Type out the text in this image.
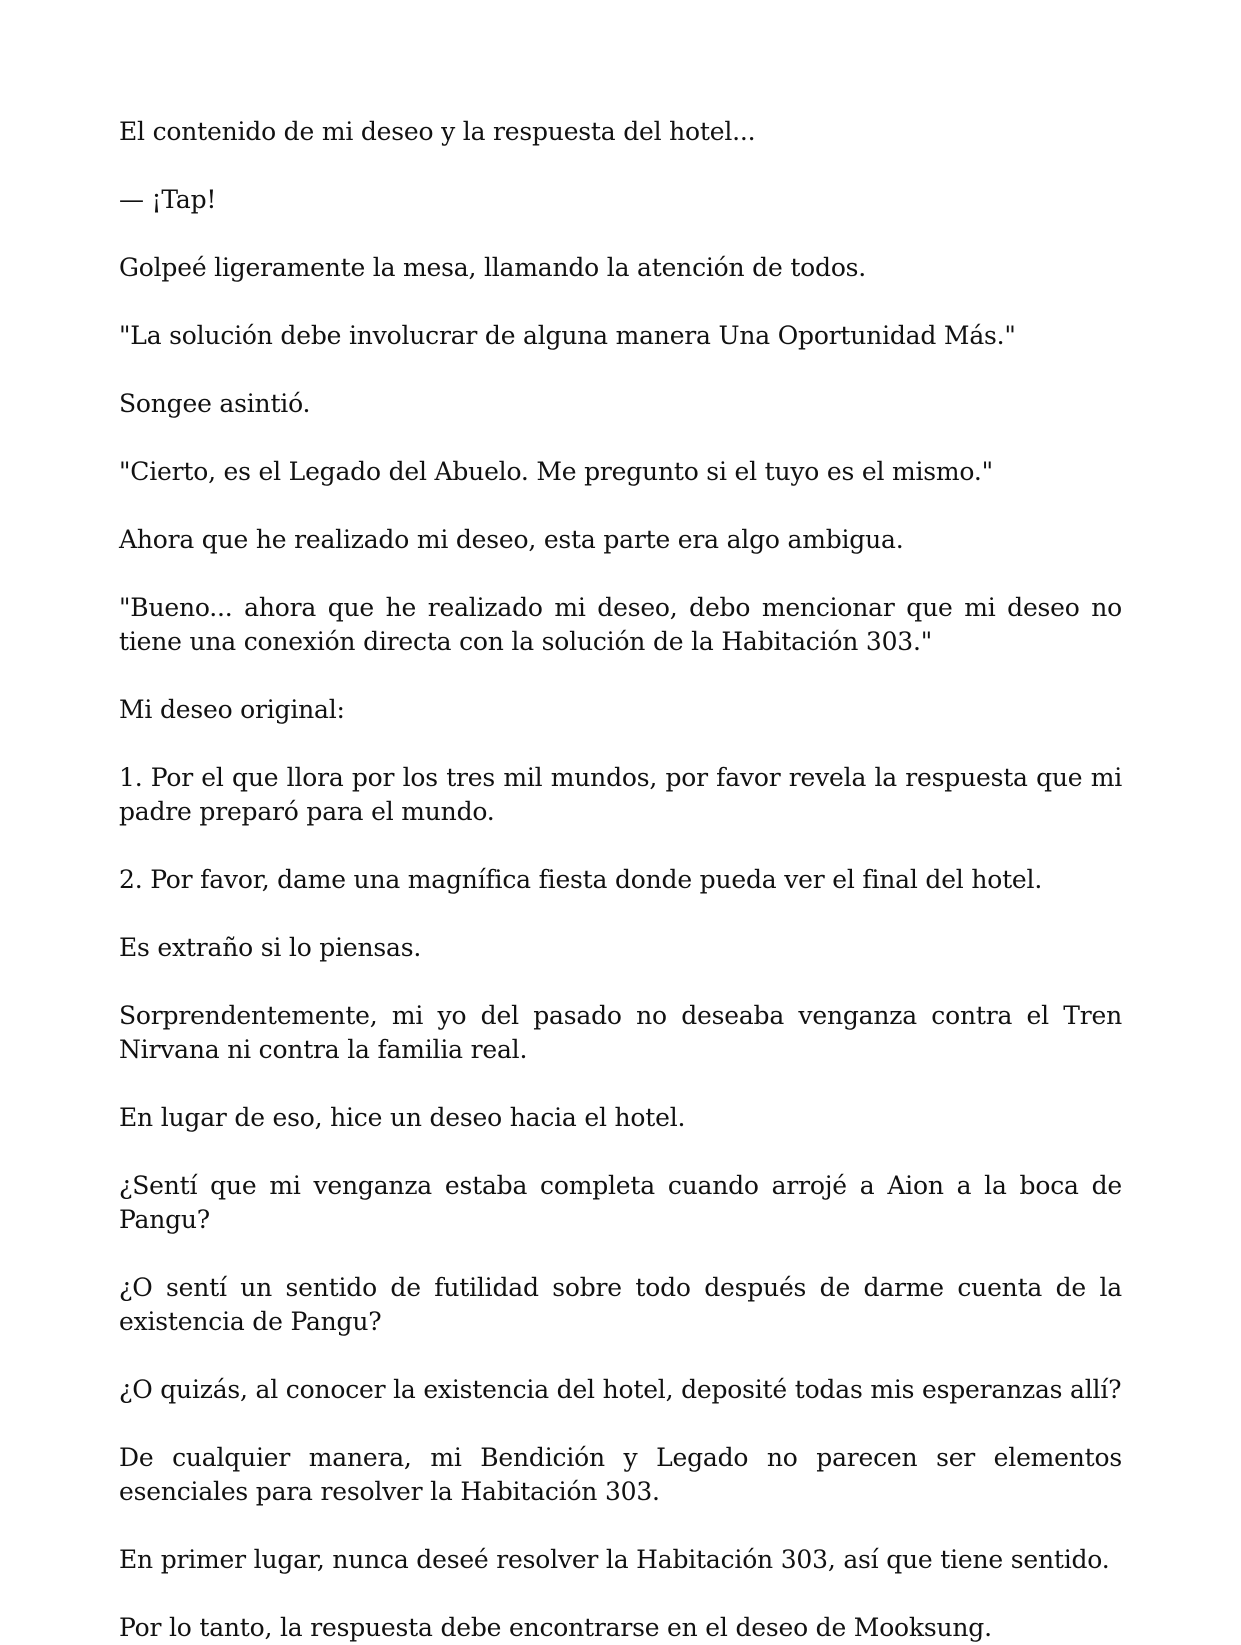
El contenido de mi deseo y la respuesta del hotel...

— ¡Tap!

Golpeé ligeramente la mesa, llamando la atención de todos.

"La solución debe involucrar de alguna manera Una Oportunidad Más."

Songee asintió.

"Cierto, es el Legado del Abuelo. Me pregunto si el tuyo es el mismo."

Ahora que he realizado mi deseo, esta parte era algo ambigua.

"Bueno... ahora que he realizado mi deseo, debo mencionar que mi deseo no tiene una conexión directa con la solución de la Habitación 303."

Mi deseo original:

1. Por el que llora por los tres mil mundos, por favor revela la respuesta que mi padre preparó para el mundo.

2. Por favor, dame una magnífica fiesta donde pueda ver el final del hotel.

Es extraño si lo piensas.

Sorprendentemente, mi yo del pasado no deseaba venganza contra el Tren Nirvana ni contra la familia real.

En lugar de eso, hice un deseo hacia el hotel.

¿Sentí que mi venganza estaba completa cuando arrojé a Aion a la boca de Pangu?

¿O sentí un sentido de futilidad sobre todo después de darme cuenta de la existencia de Pangu?

¿O quizás, al conocer la existencia del hotel, deposité todas mis esperanzas allí?

De cualquier manera, mi Bendición y Legado no parecen ser elementos esenciales para resolver la Habitación 303.

En primer lugar, nunca deseé resolver la Habitación 303, así que tiene sentido.

Por lo tanto, la respuesta debe encontrarse en el deseo de Mooksung.
